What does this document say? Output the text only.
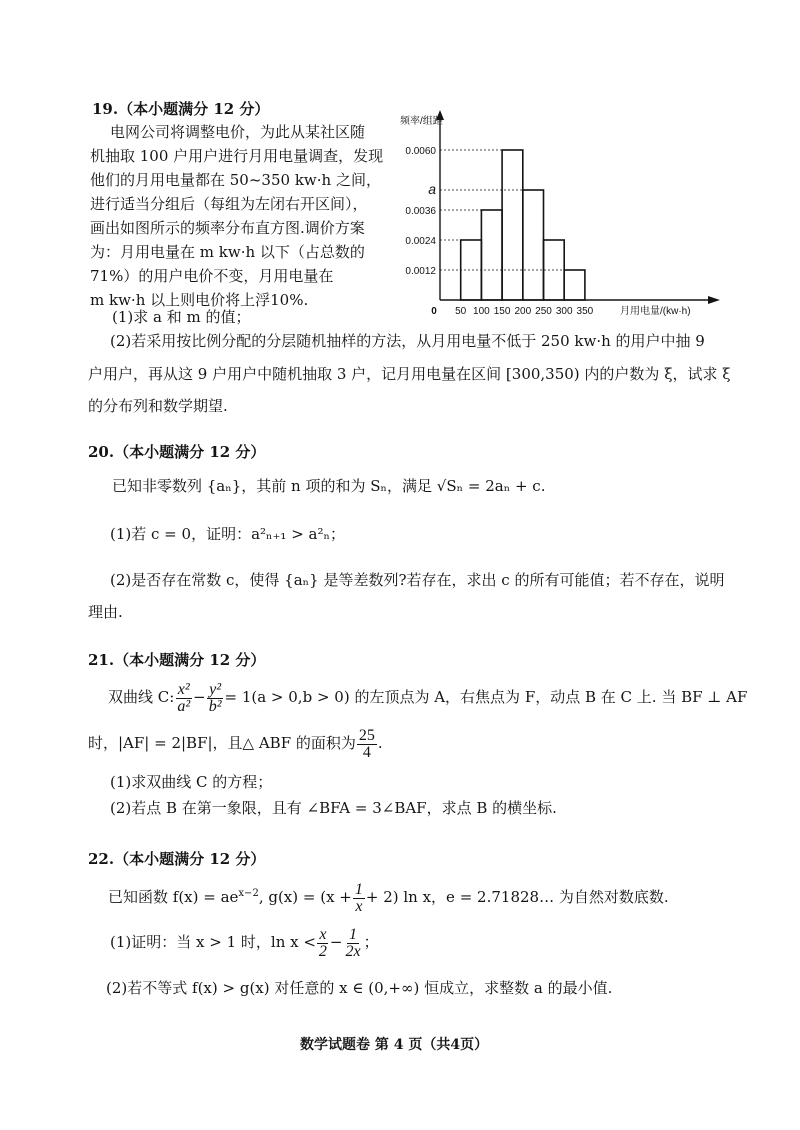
19.（本小题满分 12 分）
电网公司将调整电价，为此从某社区随
机抽取 100 户用户进行月用电量调查，发现
他们的月用电量都在 50~350 kw·h 之间，
进行适当分组后（每组为左闭右开区间），
画出如图所示的频率分布直方图.调价方案
为：月用电量在 m kw·h 以下（占总数的
71%）的用户电价不变，月用电量在
m kw·h 以上则电价将上浮10%.
0.0060
a
0.0036
0.0024
0.0012
0 50 100 150 200 250 300 350
频率/组距
月用电量/(kw·h)
(1)求 a 和 m 的值；
(2)若采用按比例分配的分层随机抽样的方法，从月用电量不低于 250 kw·h 的用户中抽 9
户用户，再从这 9 户用户中随机抽取 3 户，记月用电量在区间 [300,350) 内的户数为 ξ，试求 ξ
的分布列和数学期望.
20.（本小题满分 12 分）
已知非零数列 {aₙ}，其前 n 项的和为 Sₙ，满足 √Sₙ = 2aₙ + c.
(1)若 c = 0，证明：a²ₙ₊₁ > a²ₙ；
(2)是否存在常数 c，使得 {aₙ} 是等差数列?若存在，求出 c 的所有可能值；若不存在，说明
理由.
21.（本小题满分 12 分）
双曲线 C: $\frac{\text{x²}}{\text{a²}} - \frac{\text{y²}}{\text{b²}} = 1(a > 0,b > 0)$ 的左顶点为 A，右焦点为 F，动点 B 在 C 上. 当 BF ⊥ AF
时，|AF| = 2|BF|，且△ ABF 的面积为 $\frac{25}{4}$ .
(1)求双曲线 C 的方程；
(2)若点 B 在第一象限，且有 ∠BFA = 3∠BAF，求点 B 的横坐标.
22.（本小题满分 12 分）
已知函数 $f(x) = ae^{x-2}$, $g(x) = (x + \frac{1}{x} + 2)$ ln x，e = 2.71828… 为自然对数底数.
(1)证明：当 x > 1 时，$\ln x < \frac{x}{2} - \frac{1}{2x}$ ；
(2)若不等式 f(x) > g(x) 对任意的 x ∈ (0,+∞) 恒成立，求整数 a 的最小值.
数学试题卷 第 4 页（共4页）
